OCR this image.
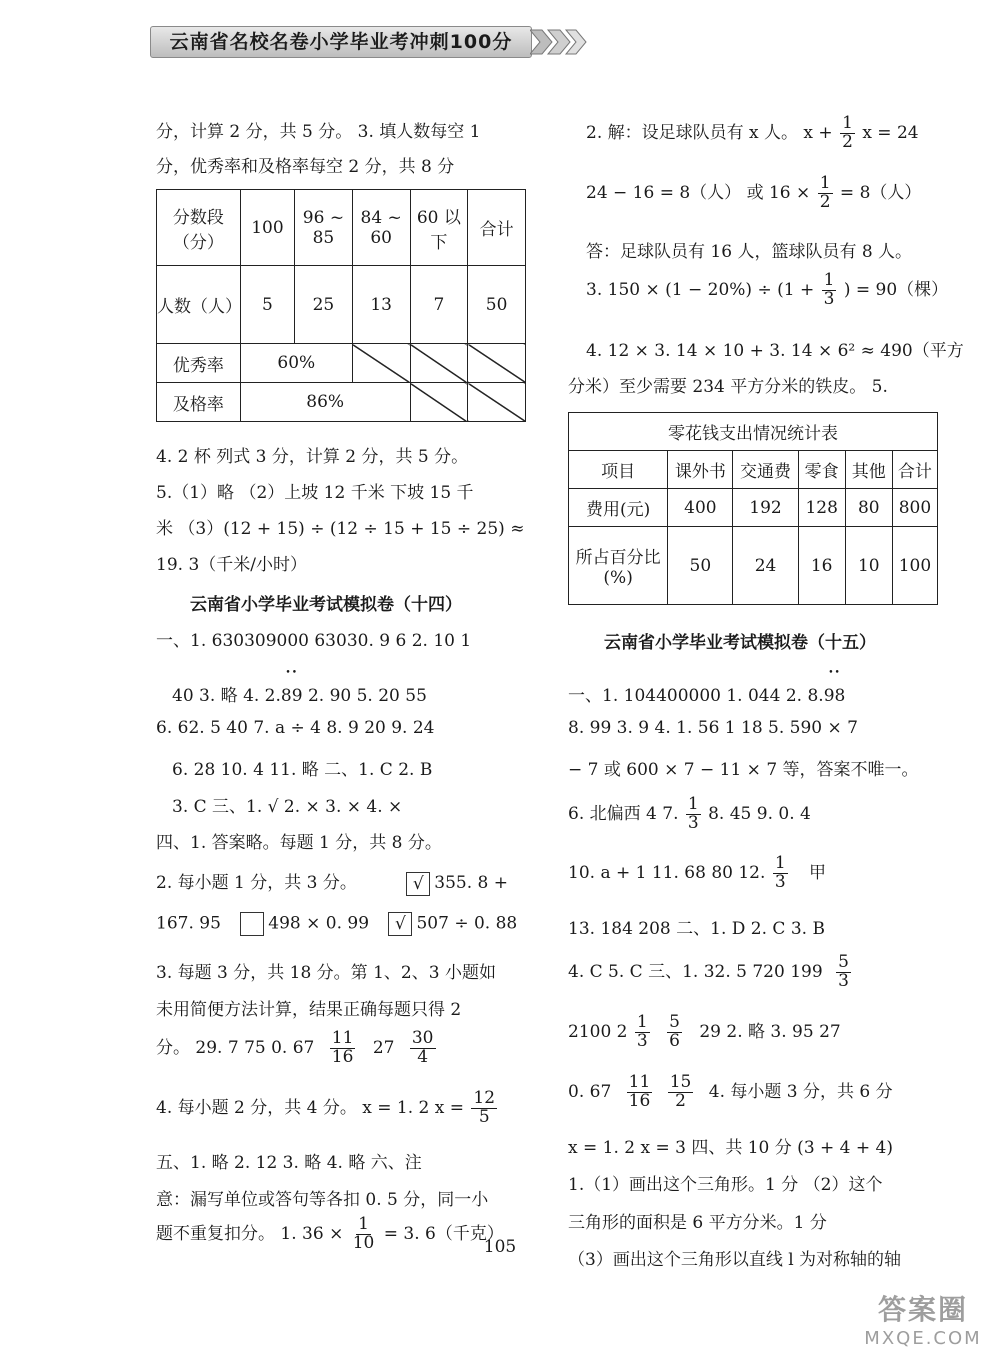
云南省名校名卷小学毕业考冲刺100分
分，计算 2 分，共 5 分。 3. 填人数每空 1
分，优秀率和及格率每空 2 分，共 8 分
分数段（分）	100	96 ~ 85	84 ~ 60	60 以下	合计
人数（人）	5	25	13	7	50
优秀率	60%				
及格率	86%				
4. 2 杯 列式 3 分，计算 2 分，共 5 分。
5.（1）略 （2）上坡 12 千米 下坡 15 千
米 （3）(12 + 15) ÷ (12 ÷ 15 + 15 ÷ 25) ≈
19. 3（千米/小时）
云南省小学毕业考试模拟卷（十四）
一、1. 630309000 63030. 9 6 2. 10 1
40 3. 略 4. 2.89 •• 2. 90 5. 20 55
6. 62. 5 40 7. a ÷ 4 8. 9 20 9. 24
6. 28 10. 4 11. 略 二、1. C 2. B
3. C 三、1. √ 2. × 3. × 4. ×
四、1. 答案略。每题 1 分，共 8 分。
2. 每小题 1 分，共 3 分。	√ 355. 8 +
167. 95	498 × 0. 99 √ 507 ÷ 0. 88
3. 每题 3 分，共 18 分。第 1、2、3 小题如
未用简便方法计算，结果正确每题只得 2
分。 29. 7 75 0. $67 \frac{11}{16} 27 \frac{30}{4}$
4. 每小题 2 分，共 4 分。 x = 1. 2 $x = \frac{12}{5}$
五、1. 略 2. 12 3. 略 4. 略 六、注
意：漏写单位或答句等各扣 0. 5 分，同一小
题不重复扣分。 1. $36 \times \frac{1}{10} = 3$. 6（千克）
2. 解：设足球队员有 x 人。 $x + \frac{1}{2}$ x = 24
24 − 16 = 8（人） 或 $16 \times \frac{1}{2} = 8$（人）
答：足球队员有 16 人，篮球队员有 8 人。
3. $150 \times (1 - 20\%) \div (1 + \frac{1}{3}$ ) = 90（棵）
4. 12 × 3. 14 × 10 + 3. 14 × 6² ≈ 490（平方
分米）至少需要 234 平方分米的铁皮。 5.
零花钱支出情况统计表					
项目	课外书	交通费	零食	其他	合计
费用(元)	400	192	128	80	800
所占百分比(%)	50	24	16	10	100
云南省小学毕业考试模拟卷（十五）
一、1. 104400000 1. 044 2. 8.98 ••
8. 99 3. 9 4. 1. 56 1 18 5. 590 × 7
− 7 或 600 × 7 − 11 × 7 等，答案不唯一。
6. 北偏西 4 7. $\frac{1}{3} 8$. 45 9. 0. 4
10. a + 1 11. 68 80 12. $\frac{1}{3}$ 甲
13. 184 208 二、1. D 2. C 3. B
4. C 5. C 三、1. 32. 5 720 $199 \frac{5}{3}$
2100 $2 \frac{1}{3}$
$\frac{5}{6} 29$ 2. 略 3. 95 27
0. $67 \frac{11}{16}$
$\frac{15}{2} 4$. 每小题 3 分，共 6 分
x = 1. 2 x = 3 四、共 10 分 (3 + 4 + 4)
1.（1）画出这个三角形。1 分 （2）这个
三角形的面积是 6 平方分米。1 分
（3）画出这个三角形以直线 l 为对称轴的轴
105
答案圈
MXQE.COM
